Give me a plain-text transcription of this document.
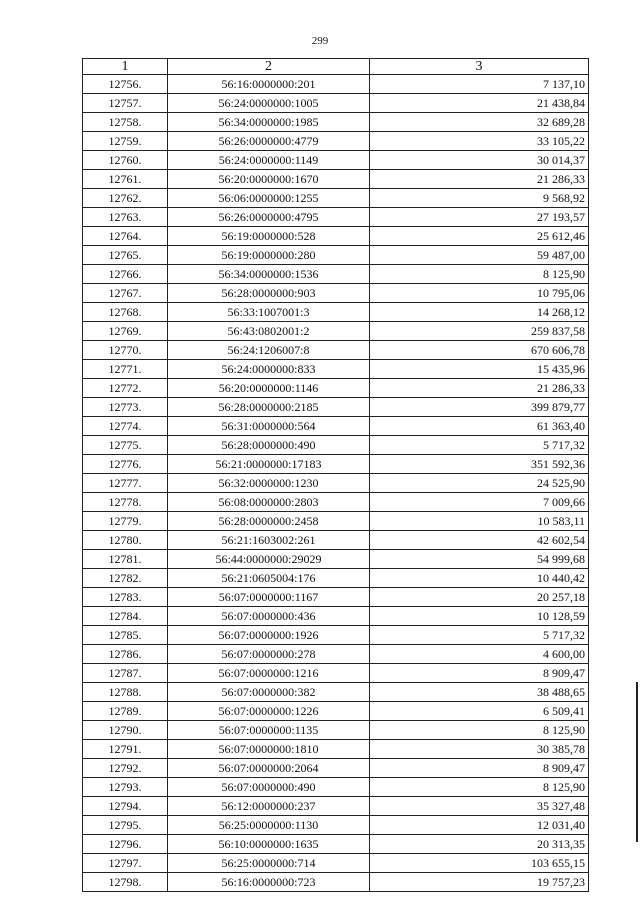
299
1	2	3
12756.	56:16:0000000:201	7 137,10
12757.	56:24:0000000:1005	21 438,84
12758.	56:34:0000000:1985	32 689,28
12759.	56:26:0000000:4779	33 105,22
12760.	56:24:0000000:1149	30 014,37
12761.	56:20:0000000:1670	21 286,33
12762.	56:06:0000000:1255	9 568,92
12763.	56:26:0000000:4795	27 193,57
12764.	56:19:0000000:528	25 612,46
12765.	56:19:0000000:280	59 487,00
12766.	56:34:0000000:1536	8 125,90
12767.	56:28:0000000:903	10 795,06
12768.	56:33:1007001:3	14 268,12
12769.	56:43:0802001:2	259 837,58
12770.	56:24:1206007:8	670 606,78
12771.	56:24:0000000:833	15 435,96
12772.	56:20:0000000:1146	21 286,33
12773.	56:28:0000000:2185	399 879,77
12774.	56:31:0000000:564	61 363,40
12775.	56:28:0000000:490	5 717,32
12776.	56:21:0000000:17183	351 592,36
12777.	56:32:0000000:1230	24 525,90
12778.	56:08:0000000:2803	7 009,66
12779.	56:28:0000000:2458	10 583,11
12780.	56:21:1603002:261	42 602,54
12781.	56:44:0000000:29029	54 999,68
12782.	56:21:0605004:176	10 440,42
12783.	56:07:0000000:1167	20 257,18
12784.	56:07:0000000:436	10 128,59
12785.	56:07:0000000:1926	5 717,32
12786.	56:07:0000000:278	4 600,00
12787.	56:07:0000000:1216	8 909,47
12788.	56:07:0000000:382	38 488,65
12789.	56:07:0000000:1226	6 509,41
12790.	56:07:0000000:1135	8 125,90
12791.	56:07:0000000:1810	30 385,78
12792.	56:07:0000000:2064	8 909,47
12793.	56:07:0000000:490	8 125,90
12794.	56:12:0000000:237	35 327,48
12795.	56:25:0000000:1130	12 031,40
12796.	56:10:0000000:1635	20 313,35
12797.	56:25:0000000:714	103 655,15
12798.	56:16:0000000:723	19 757,23
